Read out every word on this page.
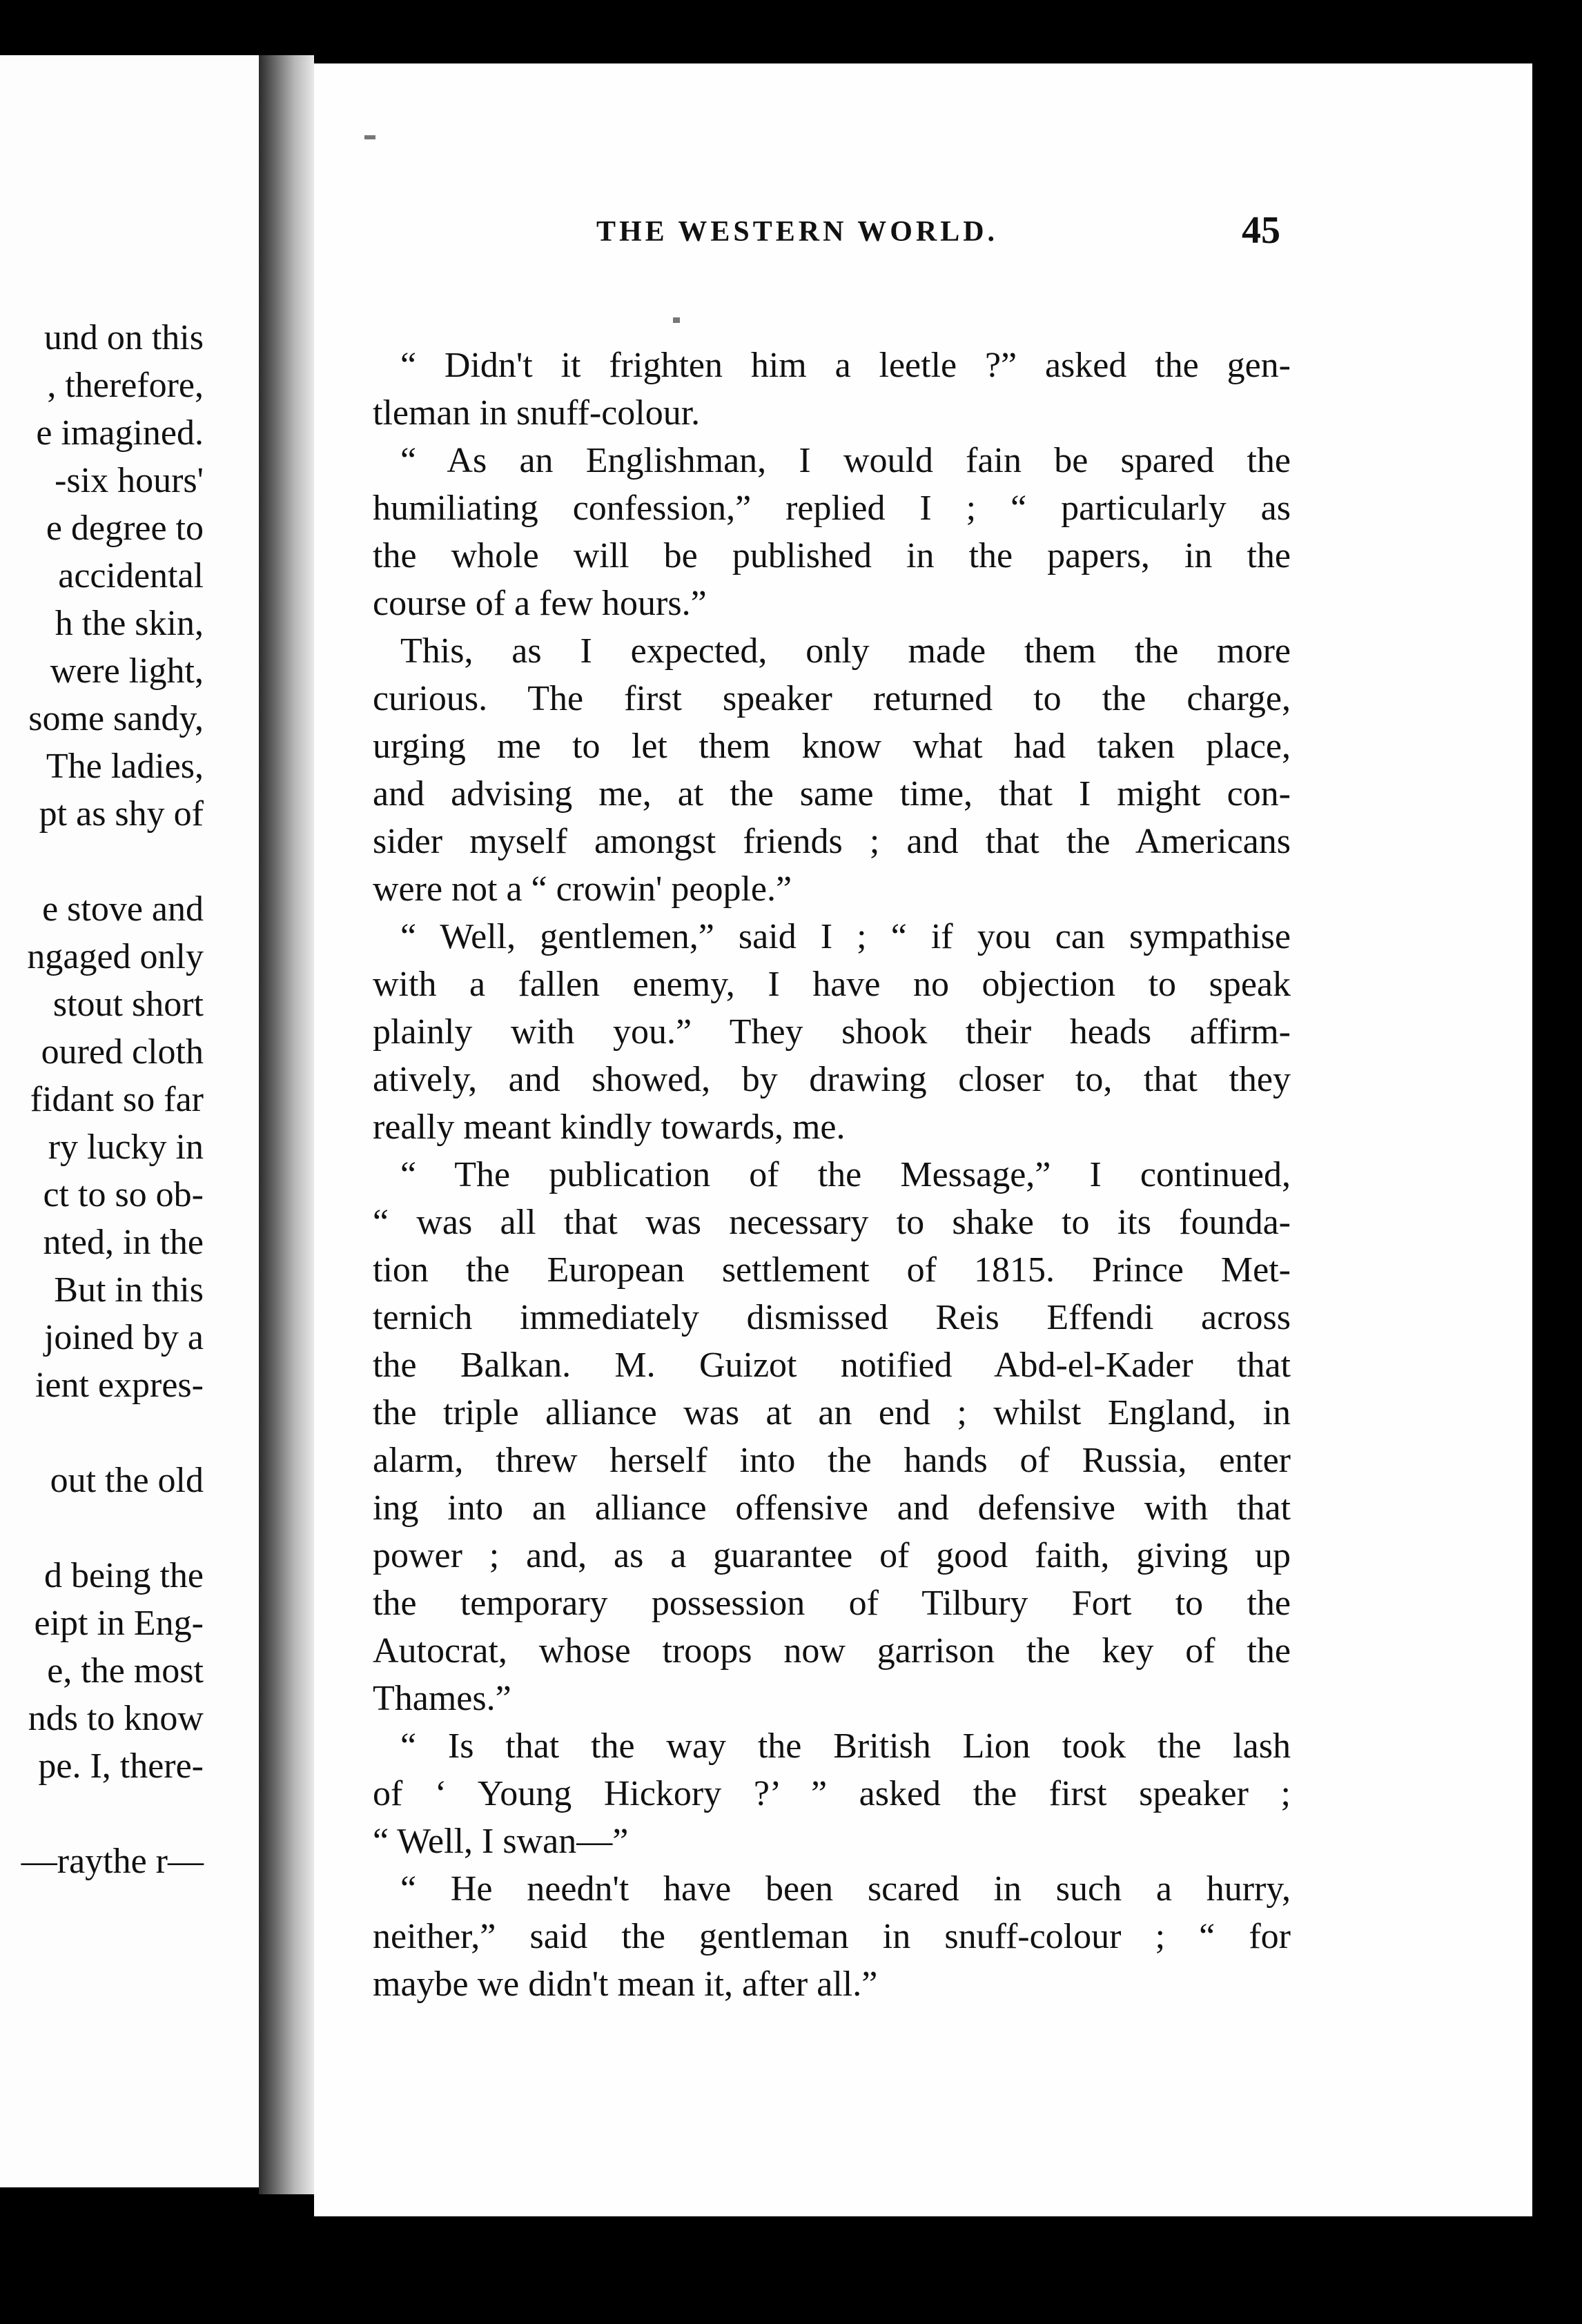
und on this
, therefore,
e imagined.
-six hours'
e degree to
accidental
h the skin,
were light,
some sandy,
The ladies,
pt as shy of
e stove and
ngaged only
stout short
oured cloth
fidant so far
ry lucky in
ct to so ob-
nted, in the
But in this
joined by a
ient expres-
out the old
d being the
eipt in Eng-
e, the most
nds to know
pe. I, there-
—raythe r—
THE WESTERN WORLD.	45
“ Didn't it frighten him a leetle ?” asked the gen-
tleman in snuff-colour.
“ As an Englishman, I would fain be spared the
humiliating confession,” replied I ; “ particularly as
the whole will be published in the papers, in the
course of a few hours.”
This, as I expected, only made them the more
curious. The first speaker returned to the charge,
urging me to let them know what had taken place,
and advising me, at the same time, that I might con-
sider myself amongst friends ; and that the Americans
were not a “ crowin' people.”
“ Well, gentlemen,” said I ; “ if you can sympathise
with a fallen enemy, I have no objection to speak
plainly with you.” They shook their heads affirm-
atively, and showed, by drawing closer to, that they
really meant kindly towards, me.
“ The publication of the Message,” I continued,
“ was all that was necessary to shake to its founda-
tion the European settlement of 1815. Prince Met-
ternich immediately dismissed Reis Effendi across
the Balkan. M. Guizot notified Abd-el-Kader that
the triple alliance was at an end ; whilst England, in
alarm, threw herself into the hands of Russia, enter
ing into an alliance offensive and defensive with that
power ; and, as a guarantee of good faith, giving up
the temporary possession of Tilbury Fort to the
Autocrat, whose troops now garrison the key of the
Thames.”
“ Is that the way the British Lion took the lash
of ‘ Young Hickory ?’ ” asked the first speaker ;
“ Well, I swan—”
“ He needn't have been scared in such a hurry,
neither,” said the gentleman in snuff-colour ; “ for
maybe we didn't mean it, after all.”
